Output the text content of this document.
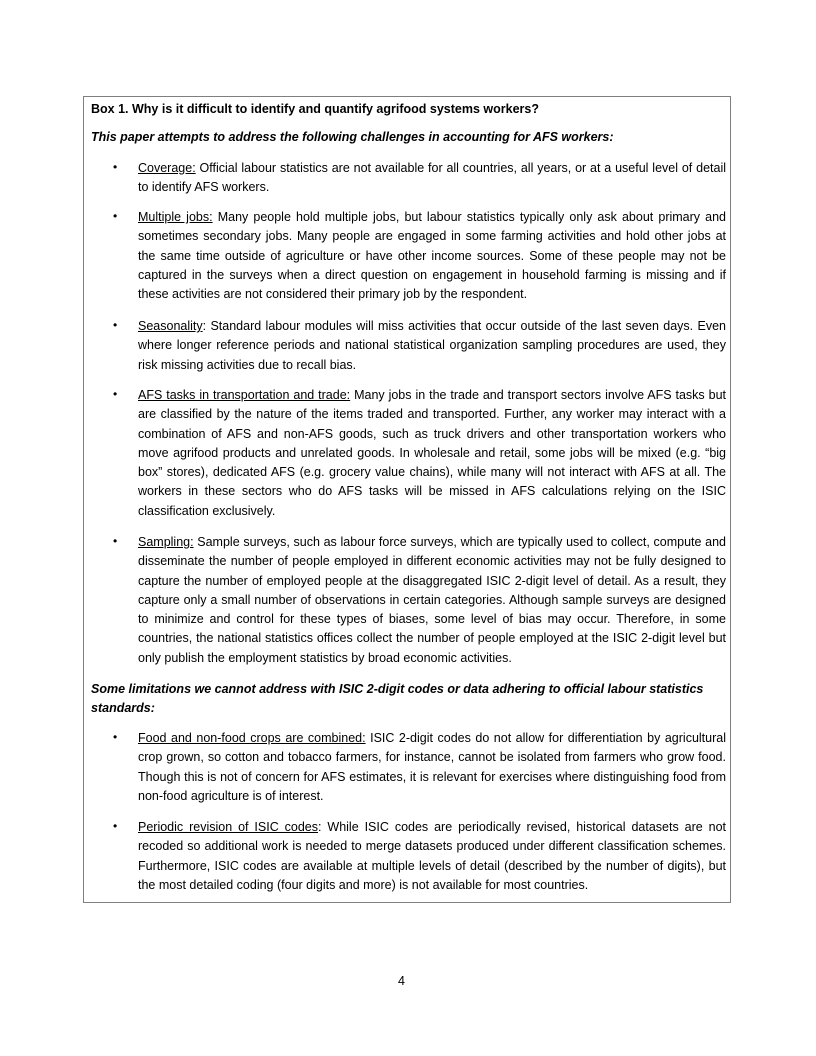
Box 1. Why is it difficult to identify and quantify agrifood systems workers?

This paper attempts to address the following challenges in accounting for AFS workers:

•	Coverage: Official labour statistics are not available for all countries, all years, or at a useful level of detail to identify AFS workers.

•	Multiple jobs: Many people hold multiple jobs, but labour statistics typically only ask about primary and sometimes secondary jobs. Many people are engaged in some farming activities and hold other jobs at the same time outside of agriculture or have other income sources. Some of these people may not be captured in the surveys when a direct question on engagement in household farming is missing and if these activities are not considered their primary job by the respondent.

•	Seasonality: Standard labour modules will miss activities that occur outside of the last seven days. Even where longer reference periods and national statistical organization sampling procedures are used, they risk missing activities due to recall bias.

•	AFS tasks in transportation and trade: Many jobs in the trade and transport sectors involve AFS tasks but are classified by the nature of the items traded and transported. Further, any worker may interact with a combination of AFS and non-AFS goods, such as truck drivers and other transportation workers who move agrifood products and unrelated goods. In wholesale and retail, some jobs will be mixed (e.g. “big box” stores), dedicated AFS (e.g. grocery value chains), while many will not interact with AFS at all. The workers in these sectors who do AFS tasks will be missed in AFS calculations relying on the ISIC classification exclusively.

•	Sampling: Sample surveys, such as labour force surveys, which are typically used to collect, compute and disseminate the number of people employed in different economic activities may not be fully designed to capture the number of employed people at the disaggregated ISIC 2-digit level of detail. As a result, they capture only a small number of observations in certain categories. Although sample surveys are designed to minimize and control for these types of biases, some level of bias may occur. Therefore, in some countries, the national statistics offices collect the number of people employed at the ISIC 2-digit level but only publish the employment statistics by broad economic activities.

Some limitations we cannot address with ISIC 2-digit codes or data adhering to official labour statistics standards:

•	Food and non-food crops are combined: ISIC 2-digit codes do not allow for differentiation by agricultural crop grown, so cotton and tobacco farmers, for instance, cannot be isolated from farmers who grow food. Though this is not of concern for AFS estimates, it is relevant for exercises where distinguishing food from non-food agriculture is of interest.

•	Periodic revision of ISIC codes: While ISIC codes are periodically revised, historical datasets are not recoded so additional work is needed to merge datasets produced under different classification schemes. Furthermore, ISIC codes are available at multiple levels of detail (described by the number of digits), but the most detailed coding (four digits and more) is not available for most countries.

4
